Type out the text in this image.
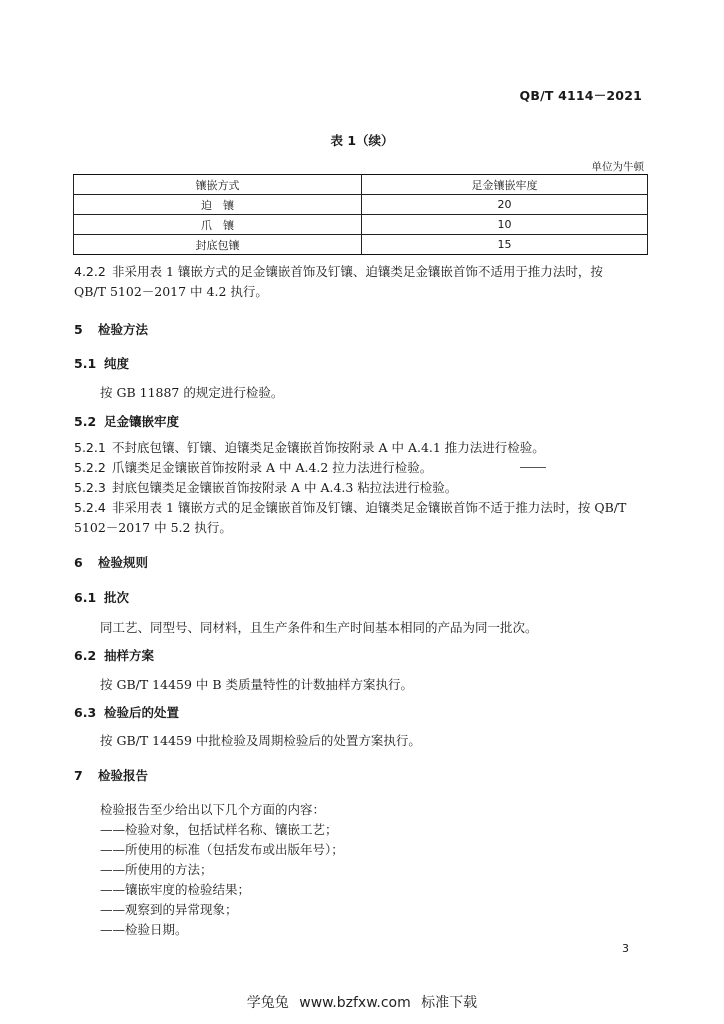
QB/T 4114－2021
表 1（续）
单位为牛顿
镶嵌方式	足金镶嵌牢度
迫　镶	20
爪　镶	10
封底包镶	15
4.2.2 非采用表 1 镶嵌方式的足金镶嵌首饰及钉镶、迫镶类足金镶嵌首饰不适用于推力法时，按
QB/T 5102－2017 中 4.2 执行。
5 检验方法
5.1 纯度
按 GB 11887 的规定进行检验。
5.2 足金镶嵌牢度
5.2.1 不封底包镶、钉镶、迫镶类足金镶嵌首饰按附录 A 中 A.4.1 推力法进行检验。
5.2.2 爪镶类足金镶嵌首饰按附录 A 中 A.4.2 拉力法进行检验。
5.2.3 封底包镶类足金镶嵌首饰按附录 A 中 A.4.3 粘拉法进行检验。
5.2.4 非采用表 1 镶嵌方式的足金镶嵌首饰及钉镶、迫镶类足金镶嵌首饰不适于推力法时，按 QB/T
5102－2017 中 5.2 执行。
6 检验规则
6.1 批次
同工艺、同型号、同材料，且生产条件和生产时间基本相同的产品为同一批次。
6.2 抽样方案
按 GB/T 14459 中 B 类质量特性的计数抽样方案执行。
6.3 检验后的处置
按 GB/T 14459 中批检验及周期检验后的处置方案执行。
7 检验报告
检验报告至少给出以下几个方面的内容：
——检验对象，包括试样名称、镶嵌工艺；
——所使用的标准（包括发布或出版年号）；
——所使用的方法；
——镶嵌牢度的检验结果；
——观察到的异常现象；
——检验日期。
3
学兔兔 www.bzfxw.com 标准下载
